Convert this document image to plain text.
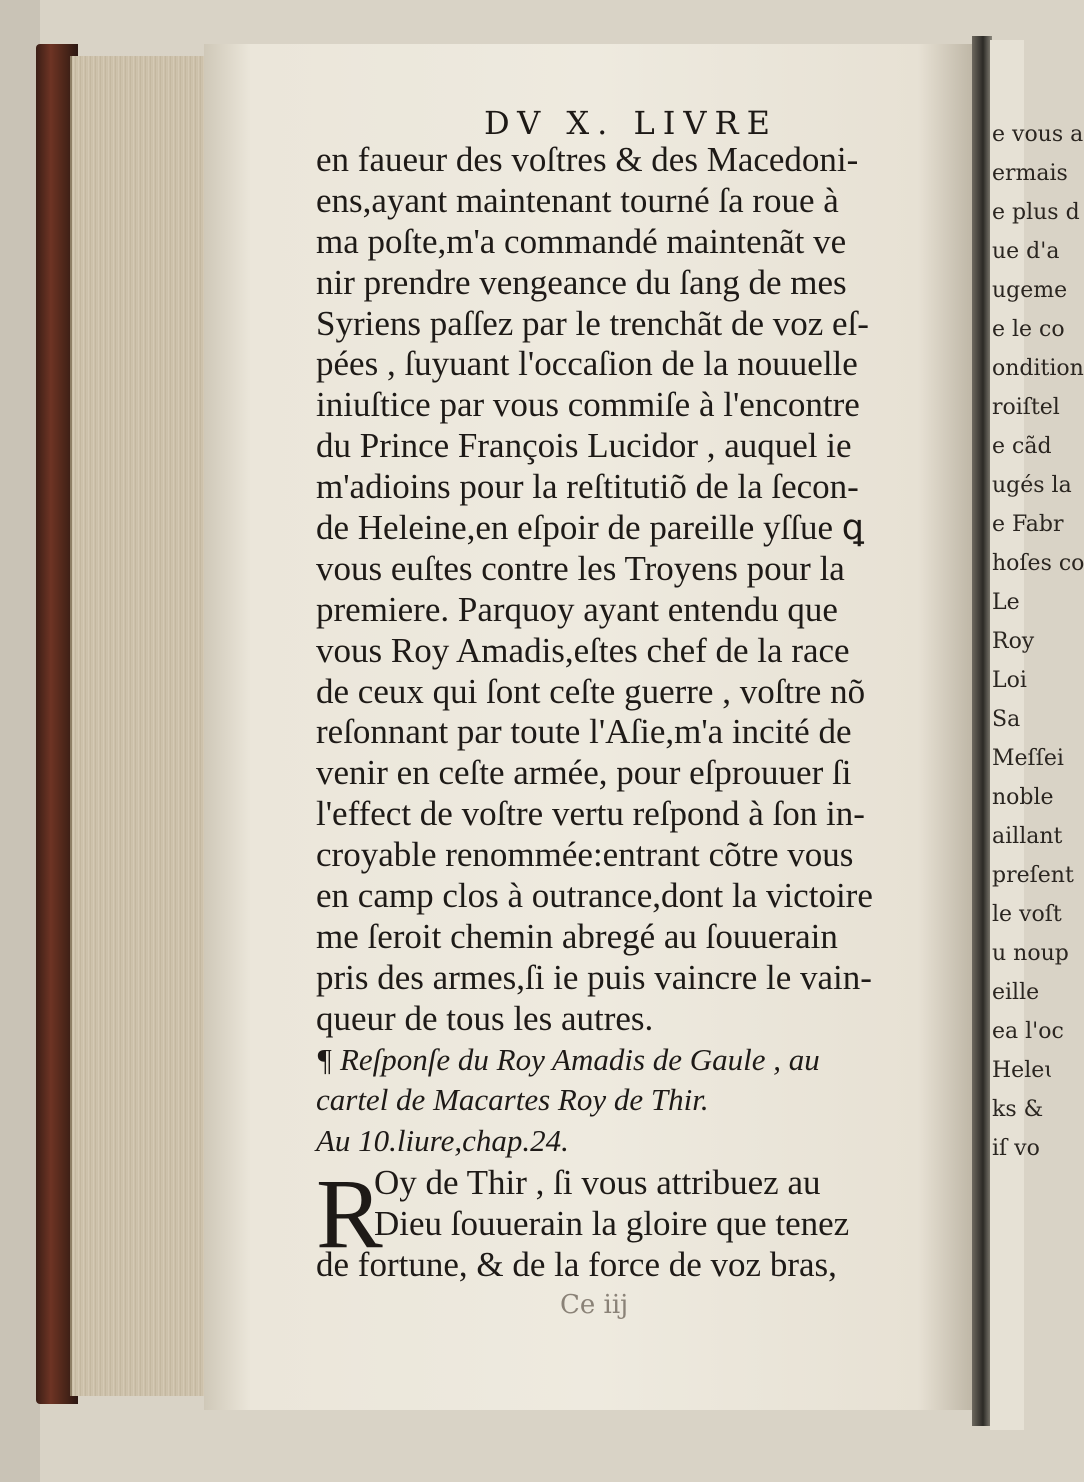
e vous a
ermais
e plus d
ue d'a
ugeme
e le co
ondition
roiſtel
e cãd
ugés la
e Fabr
hoſes co
Le
Roy
Loi
Sa
Meſſei
noble
aillant
preſent
le voſt
u noup
eille
ea l'oc
Heleɩ
ks &
iſ vo
DV X. LIVRE
en faueur des voſtres & des Macedoni-
ens,ayant maintenant tourné ſa roue à
ma poſte,m'a commandé maintenãt ve
nir prendre vengeance du ſang de mes
Syriens paſſez par le trenchãt de voz eſ-
pées , ſuyuant l'occaſion de la nouuelle
iniuſtice par vous commiſe à l'encontre
du Prince François Lucidor , auquel ie
m'adioins pour la reſtitutiõ de la ſecon-
de Heleine,en eſpoir de pareille yſſue ꝗ
vous euſtes contre les Troyens pour la
premiere. Parquoy ayant entendu que
vous Roy Amadis,eſtes chef de la race
de ceux qui ſont ceſte guerre , voſtre nõ
reſonnant par toute l'Aſie,m'a incité de
venir en ceſte armée, pour eſprouuer ſi
l'effect de voſtre vertu reſpond à ſon in-
croyable renommée:entrant cõtre vous
en camp clos à outrance,dont la victoire
me ſeroit chemin abregé au ſouuerain
pris des armes,ſi ie puis vaincre le vain-
queur de tous les autres.
¶ Reſponſe du Roy Amadis de Gaule , au
cartel de Macartes Roy de Thir.
Au 10.liure,chap.24.
R
Oy de Thir , ſi vous attribuez au
Dieu ſouuerain la gloire que tenez
de fortune, & de la force de voz bras,
Ce iij
